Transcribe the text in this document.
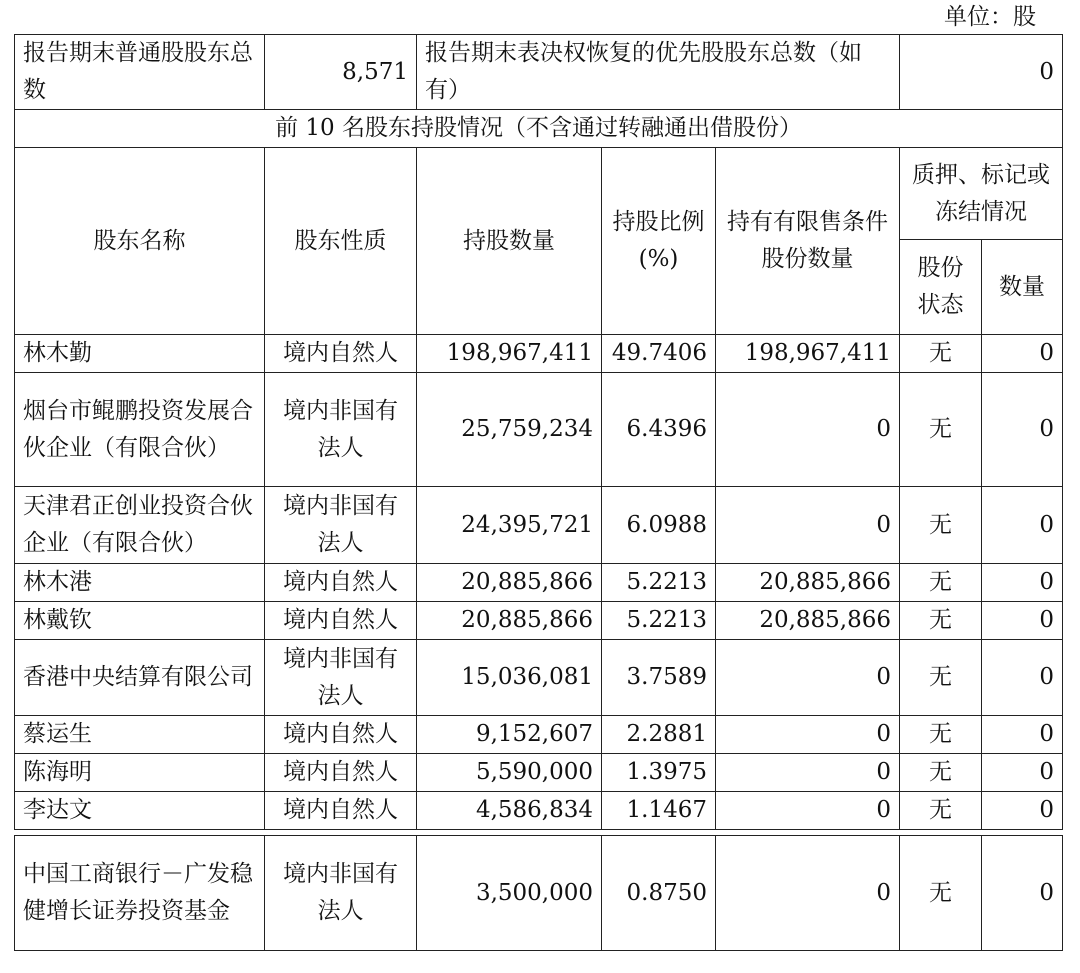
单位：股
报告期末普通股股东总数	8,571	报告期末表决权恢复的优先股股东总数（如有）			0	
前 10 名股东持股情况（不含通过转融通出借股份）						
股东名称	股东性质	持股数量	持股比例(%)	持有有限售条件股份数量	质押、标记或冻结情况	
					股份状态	数量
林木勤	境内自然人	198,967,411	49.7406	198,967,411	无	0
烟台市鲲鹏投资发展合伙企业（有限合伙）	境内非国有法人	25,759,234	6.4396	0	无	0
天津君正创业投资合伙企业（有限合伙）	境内非国有法人	24,395,721	6.0988	0	无	0
林木港	境内自然人	20,885,866	5.2213	20,885,866	无	0
林戴钦	境内自然人	20,885,866	5.2213	20,885,866	无	0
香港中央结算有限公司	境内非国有法人	15,036,081	3.7589	0	无	0
蔡运生	境内自然人	9,152,607	2.2881	0	无	0
陈海明	境内自然人	5,590,000	1.3975	0	无	0
李达文	境内自然人	4,586,834	1.1467	0	无	0

中国工商银行－广发稳健增长证券投资基金	境内非国有法人	3,500,000	0.8750	0	无	0
